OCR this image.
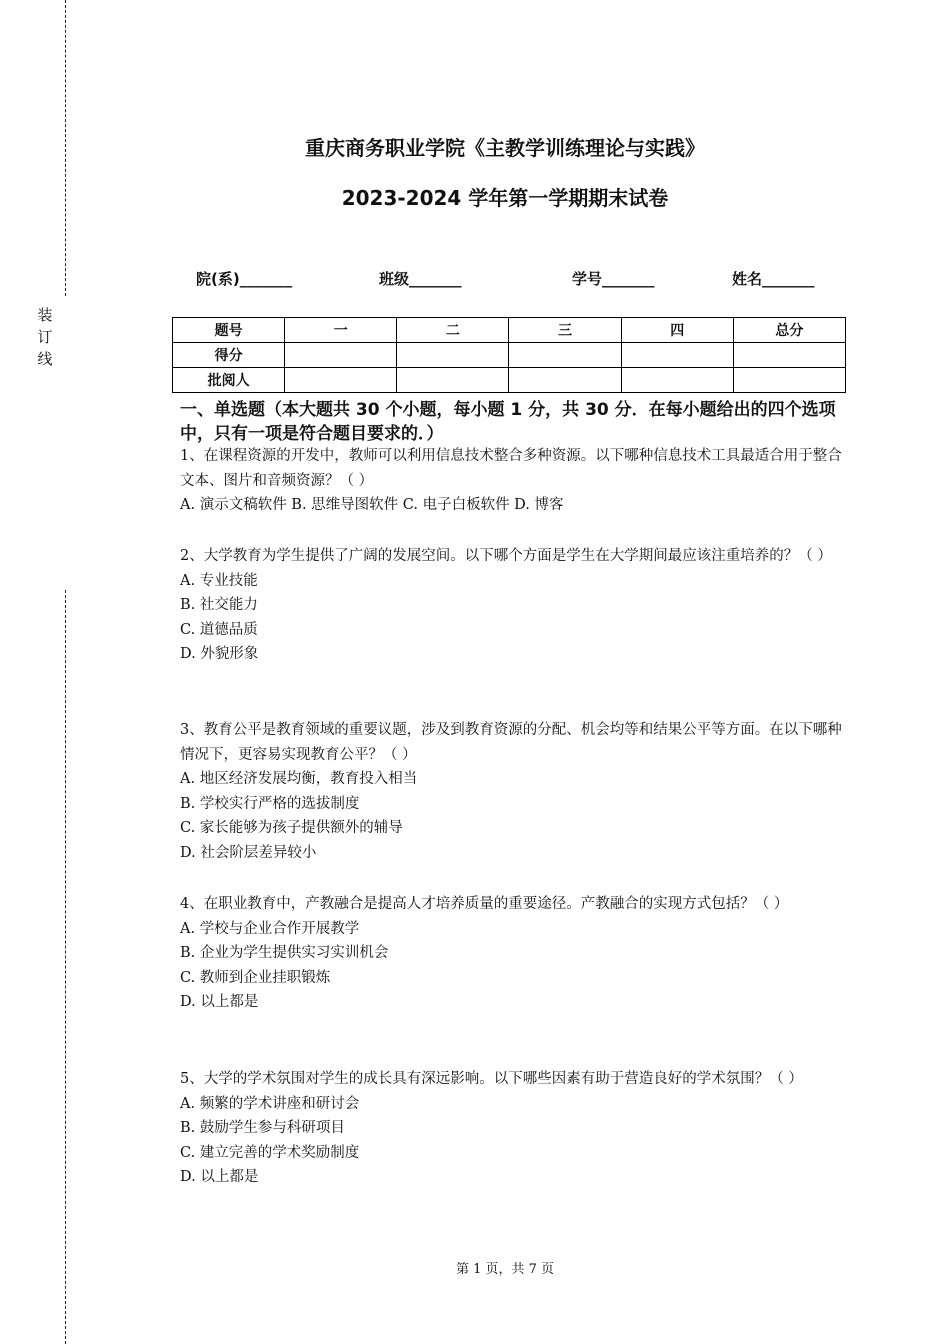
装订线
重庆商务职业学院《主教学训练理论与实践》
2023-2024 学年第一学期期末试卷
院(系)_______	班级_______	学号_______	姓名_______
题号	一	二	三	四	总分
得分					
批阅人					
一、单选题（本大题共 30 个小题，每小题 1 分，共 30 分．在每小题给出的四个选项中，只有一项是符合题目要求的．）

1、在课程资源的开发中，教师可以利用信息技术整合多种资源。以下哪种信息技术工具最适合用于整合文本、图片和音频资源？（ ）

A. 演示文稿软件 B. 思维导图软件 C. 电子白板软件 D. 博客

2、大学教育为学生提供了广阔的发展空间。以下哪个方面是学生在大学期间最应该注重培养的？（ ）

A. 专业技能

B. 社交能力

C. 道德品质

D. 外貌形象

3、教育公平是教育领域的重要议题，涉及到教育资源的分配、机会均等和结果公平等方面。在以下哪种情况下，更容易实现教育公平？（ ）

A. 地区经济发展均衡，教育投入相当

B. 学校实行严格的选拔制度

C. 家长能够为孩子提供额外的辅导

D. 社会阶层差异较小

4、在职业教育中，产教融合是提高人才培养质量的重要途径。产教融合的实现方式包括？（ ）

A. 学校与企业合作开展教学

B. 企业为学生提供实习实训机会

C. 教师到企业挂职锻炼

D. 以上都是

5、大学的学术氛围对学生的成长具有深远影响。以下哪些因素有助于营造良好的学术氛围？（ ）

A. 频繁的学术讲座和研讨会

B. 鼓励学生参与科研项目

C. 建立完善的学术奖励制度

D. 以上都是

第 1 页，共 7 页
